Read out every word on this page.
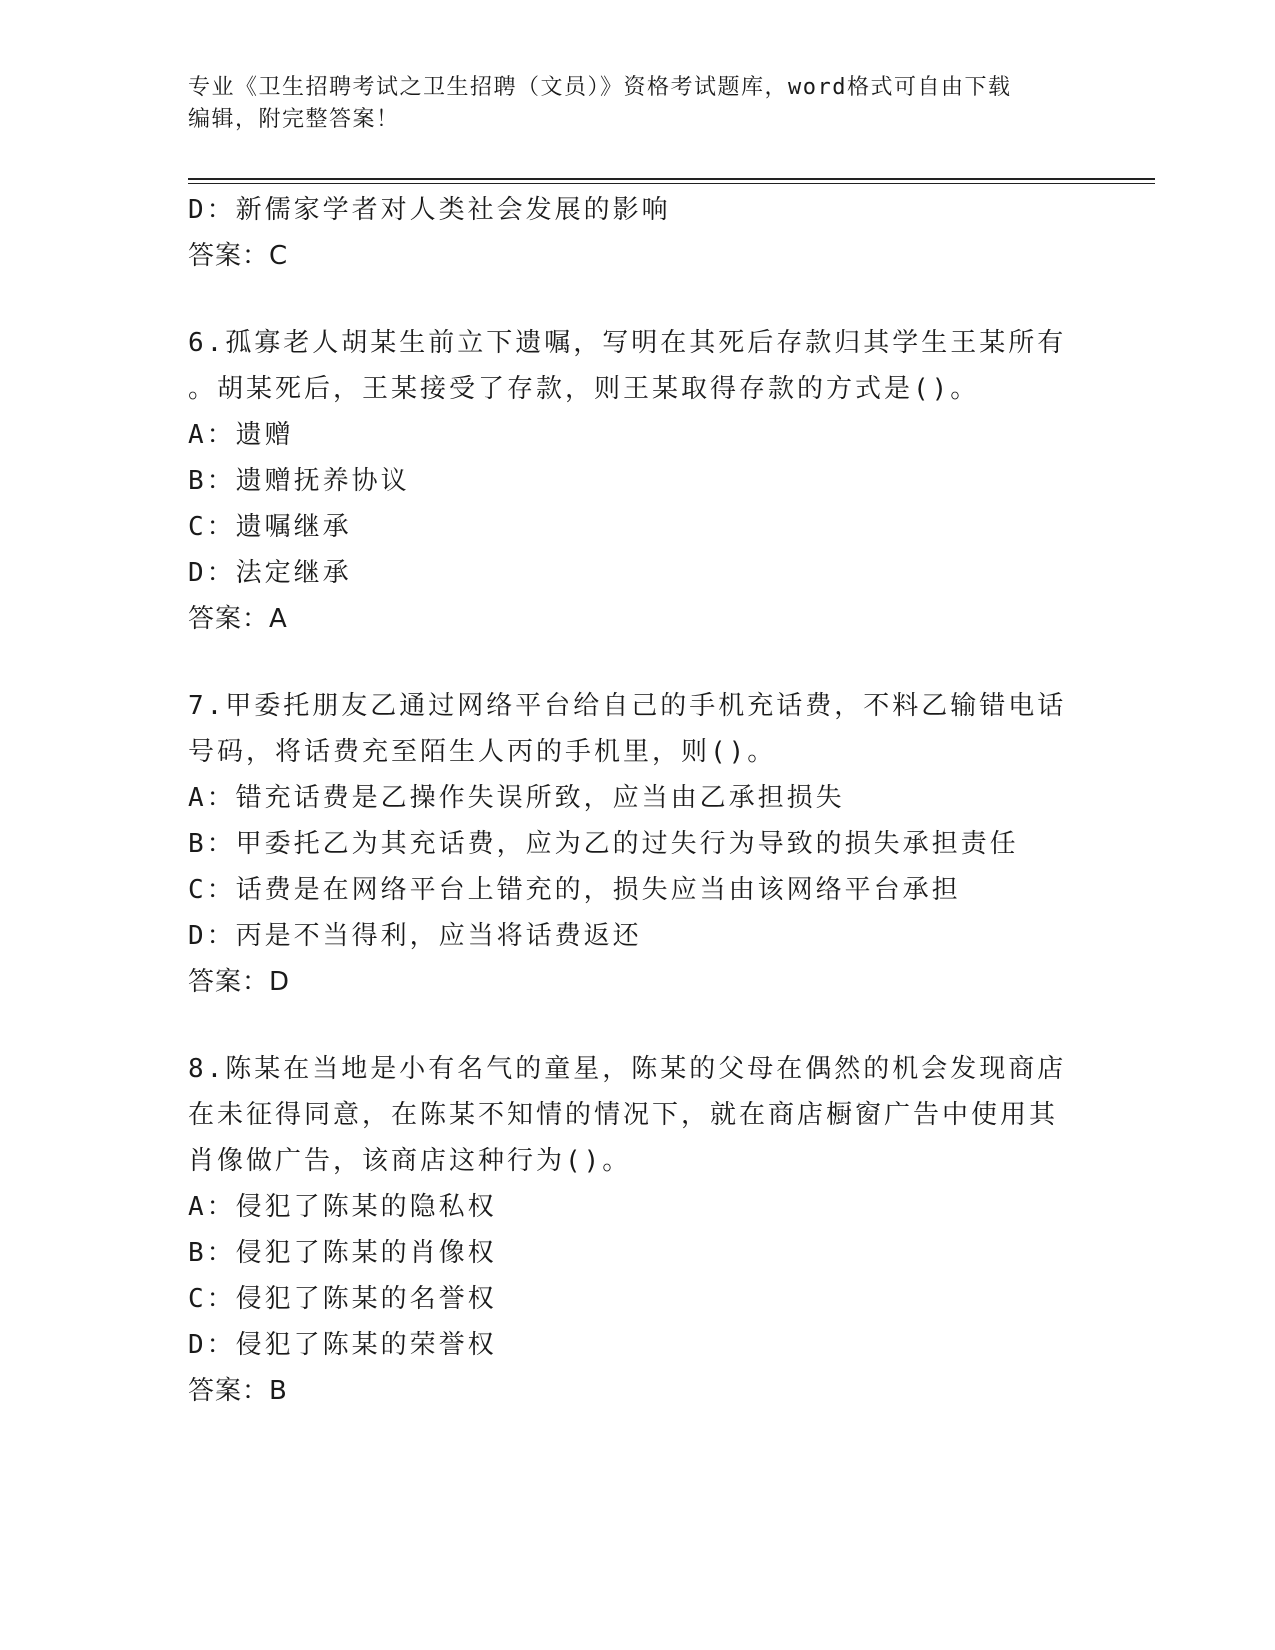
专业《卫生招聘考试之卫生招聘（文员）》资格考试题库，word格式可自由下载
编辑，附完整答案！
D：新儒家学者对人类社会发展的影响
答案：C
6.孤寡老人胡某生前立下遗嘱，写明在其死后存款归其学生王某所有
。胡某死后，王某接受了存款，则王某取得存款的方式是()。
A：遗赠
B：遗赠抚养协议
C：遗嘱继承
D：法定继承
答案：A
7.甲委托朋友乙通过网络平台给自己的手机充话费，不料乙输错电话
号码，将话费充至陌生人丙的手机里，则()。
A：错充话费是乙操作失误所致，应当由乙承担损失
B：甲委托乙为其充话费，应为乙的过失行为导致的损失承担责任
C：话费是在网络平台上错充的，损失应当由该网络平台承担
D：丙是不当得利，应当将话费返还
答案：D
8.陈某在当地是小有名气的童星，陈某的父母在偶然的机会发现商店
在未征得同意，在陈某不知情的情况下，就在商店橱窗广告中使用其
肖像做广告，该商店这种行为()。
A：侵犯了陈某的隐私权
B：侵犯了陈某的肖像权
C：侵犯了陈某的名誉权
D：侵犯了陈某的荣誉权
答案：B
